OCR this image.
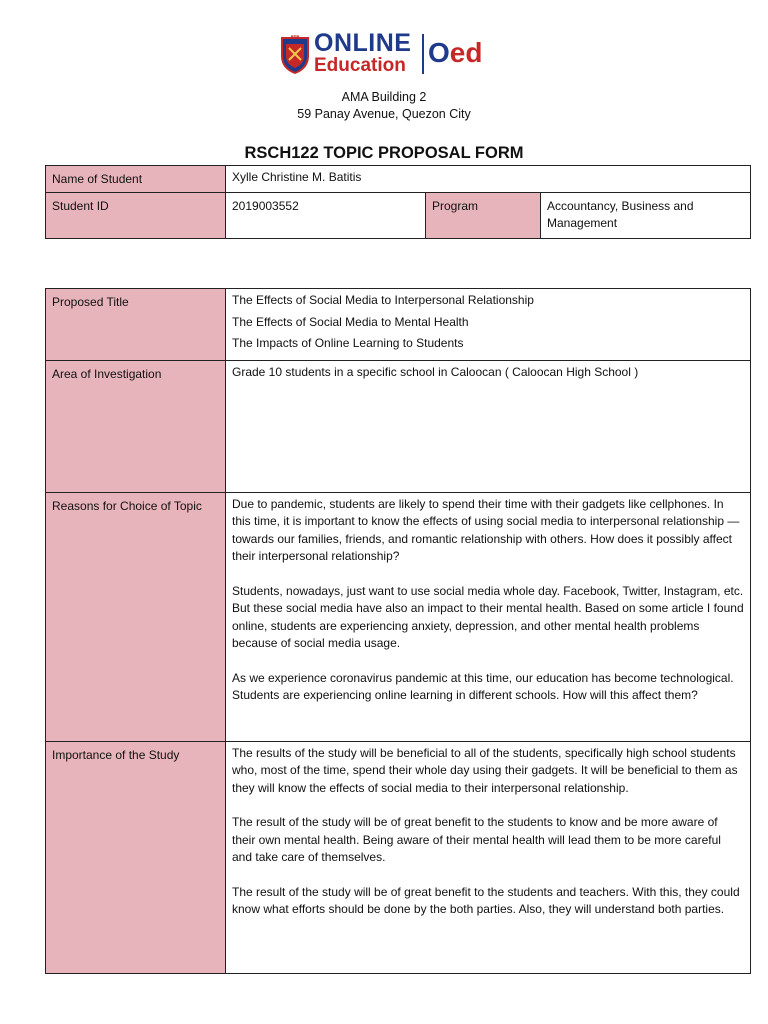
AMA ONLINE
Education Oed
AMA Building 2
59 Panay Avenue, Quezon City
RSCH122 TOPIC PROPOSAL FORM
Name of Student	Xylle Christine M. Batitis		
Student ID	2019003552	Program	Accountancy, Business and Management
Proposed Title	The Effects of Social Media to Interpersonal Relationship
The Effects of Social Media to Mental Health
The Impacts of Online Learning to Students

Area of Investigation	Grade 10 students in a specific school in Caloocan ( Caloocan High School )
Reasons for Choice of Topic	Due to pandemic, students are likely to spend their time with their gadgets like cellphones. In this time, it is important to know the effects of using social media to interpersonal relationship — towards our families, friends, and romantic relationship with others. How does it possibly affect their interpersonal relationship?

Students, nowadays, just want to use social media whole day. Facebook, Twitter, Instagram, etc. But these social media have also an impact to their mental health. Based on some article I found online, students are experiencing anxiety, depression, and other mental health problems because of social media usage.

As we experience coronavirus pandemic at this time, our education has become technological. Students are experiencing online learning in different schools. How will this affect them?

Importance of the Study	The results of the study will be beneficial to all of the students, specifically high school students who, most of the time, spend their whole day using their gadgets. It will be beneficial to them as they will know the effects of social media to their interpersonal relationship.

The result of the study will be of great benefit to the students to know and be more aware of their own mental health. Being aware of their mental health will lead them to be more careful and take care of themselves.

The result of the study will be of great benefit to the students and teachers. With this, they could know what efforts should be done by the both parties. Also, they will understand both parties.
